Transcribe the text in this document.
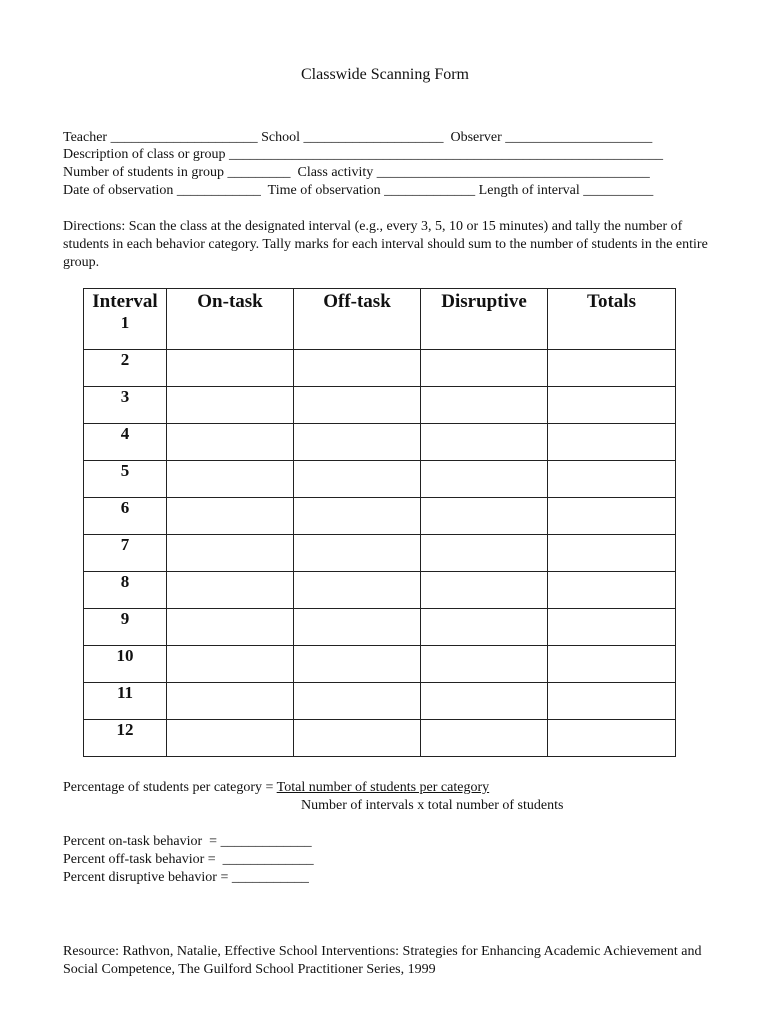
Classwide Scanning Form
Teacher _____________________ School ____________________  Observer _____________________
Description of class or group ______________________________________________________________
Number of students in group _________  Class activity _______________________________________
Date of observation ____________  Time of observation _____________ Length of interval __________
Directions: Scan the class at the designated interval (e.g., every 3, 5, 10 or 15 minutes) and tally the number of students in each behavior category. Tally marks for each interval should sum to the number of students in the entire group.
Interval	On-task	Off-task	Disruptive	Totals
1				
2				
3				
4				
5				
6				
7				
8				
9				
10				
11				
12				
Percentage of students per category = Total number of students per category
Number of intervals x total number of students
Percent on-task behavior  = _____________
Percent off-task behavior =  _____________
Percent disruptive behavior = ___________
Resource: Rathvon, Natalie, Effective School Interventions: Strategies for Enhancing Academic Achievement and Social Competence, The Guilford School Practitioner Series, 1999
